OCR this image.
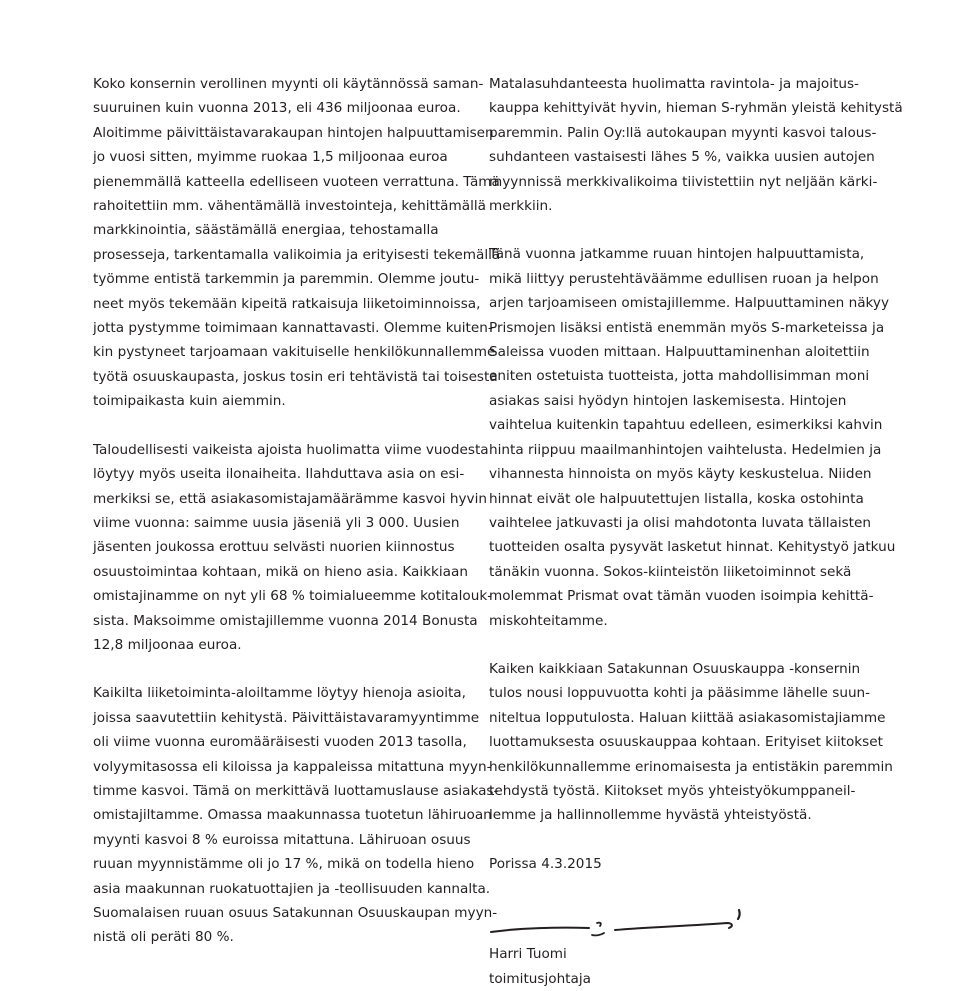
Koko konsernin verollinen myynti oli käytännössä saman-
suuruinen kuin vuonna 2013, eli 436 miljoonaa euroa.
Aloitimme päivittäistavarakaupan hintojen halpuuttamisen
jo vuosi sitten, myimme ruokaa 1,5 miljoonaa euroa
pienemmällä katteella edelliseen vuoteen verrattuna. Tämä
rahoitettiin mm. vähentämällä investointeja, kehittämällä
markkinointia, säästämällä energiaa, tehostamalla
prosesseja, tarkentamalla valikoimia ja erityisesti tekemällä
työmme entistä tarkemmin ja paremmin. Olemme joutu-
neet myös tekemään kipeitä ratkaisuja liiketoiminnoissa,
jotta pystymme toimimaan kannattavasti. Olemme kuiten-
kin pystyneet tarjoamaan vakituiselle henkilökunnallemme
työtä osuuskaupasta, joskus tosin eri tehtävistä tai toisesta
toimipaikasta kuin aiemmin.

Taloudellisesti vaikeista ajoista huolimatta viime vuodesta
löytyy myös useita ilonaiheita. Ilahduttava asia on esi-
merkiksi se, että asiakasomistajamäärämme kasvoi hyvin
viime vuonna: saimme uusia jäseniä yli 3 000. Uusien
jäsenten joukossa erottuu selvästi nuorien kiinnostus
osuustoimintaa kohtaan, mikä on hieno asia. Kaikkiaan
omistajinamme on nyt yli 68 % toimialueemme kotitalouk-
sista. Maksoimme omistajillemme vuonna 2014 Bonusta
12,8 miljoonaa euroa.

Kaikilta liiketoiminta-aloiltamme löytyy hienoja asioita,
joissa saavutettiin kehitystä. Päivittäistavaramyyntimme
oli viime vuonna euromääräisesti vuoden 2013 tasolla,
volyymitasossa eli kiloissa ja kappaleissa mitattuna myyn-
timme kasvoi. Tämä on merkittävä luottamuslause asiakas-
omistajiltamme. Omassa maakunnassa tuotetun lähiruoan
myynti kasvoi 8 % euroissa mitattuna. Lähiruoan osuus
ruuan myynnistämme oli jo 17 %, mikä on todella hieno
asia maakunnan ruokatuottajien ja -teollisuuden kannalta.
Suomalaisen ruuan osuus Satakunnan Osuuskaupan myyn-
nistä oli peräti 80 %.

Matalasuhdanteesta huolimatta ravintola- ja majoitus-
kauppa kehittyivät hyvin, hieman S-ryhmän yleistä kehitystä
paremmin. Palin Oy:llä autokaupan myynti kasvoi talous-
suhdanteen vastaisesti lähes 5 %, vaikka uusien autojen
myynnissä merkkivalikoima tiivistettiin nyt neljään kärki-
merkkiin.

Tänä vuonna jatkamme ruuan hintojen halpuuttamista,
mikä liittyy perustehtäväämme edullisen ruoan ja helpon
arjen tarjoamiseen omistajillemme. Halpuuttaminen näkyy
Prismojen lisäksi entistä enemmän myös S-marketeissa ja
Saleissa vuoden mittaan. Halpuuttaminenhan aloitettiin
eniten ostetuista tuotteista, jotta mahdollisimman moni
asiakas saisi hyödyn hintojen laskemisesta. Hintojen
vaihtelua kuitenkin tapahtuu edelleen, esimerkiksi kahvin
hinta riippuu maailmanhintojen vaihtelusta. Hedelmien ja
vihannesta hinnoista on myös käyty keskustelua. Niiden
hinnat eivät ole halpuutettujen listalla, koska ostohinta
vaihtelee jatkuvasti ja olisi mahdotonta luvata tällaisten
tuotteiden osalta pysyvät lasketut hinnat. Kehitystyö jatkuu
tänäkin vuonna. Sokos-kiinteistön liiketoiminnot sekä
molemmat Prismat ovat tämän vuoden isoimpia kehittä-
miskohteitamme.

Kaiken kaikkiaan Satakunnan Osuuskauppa -konsernin
tulos nousi loppuvuotta kohti ja pääsimme lähelle suun-
niteltua lopputulosta. Haluan kiittää asiakasomistajiamme
luottamuksesta osuuskauppaa kohtaan. Erityiset kiitokset
henkilökunnallemme erinomaisesta ja entistäkin paremmin
tehdystä työstä. Kiitokset myös yhteistyökumppaneil-
lemme ja hallinnollemme hyvästä yhteistyöstä.

Porissa 4.3.2015
Harri Tuomi
toimitusjohtaja
